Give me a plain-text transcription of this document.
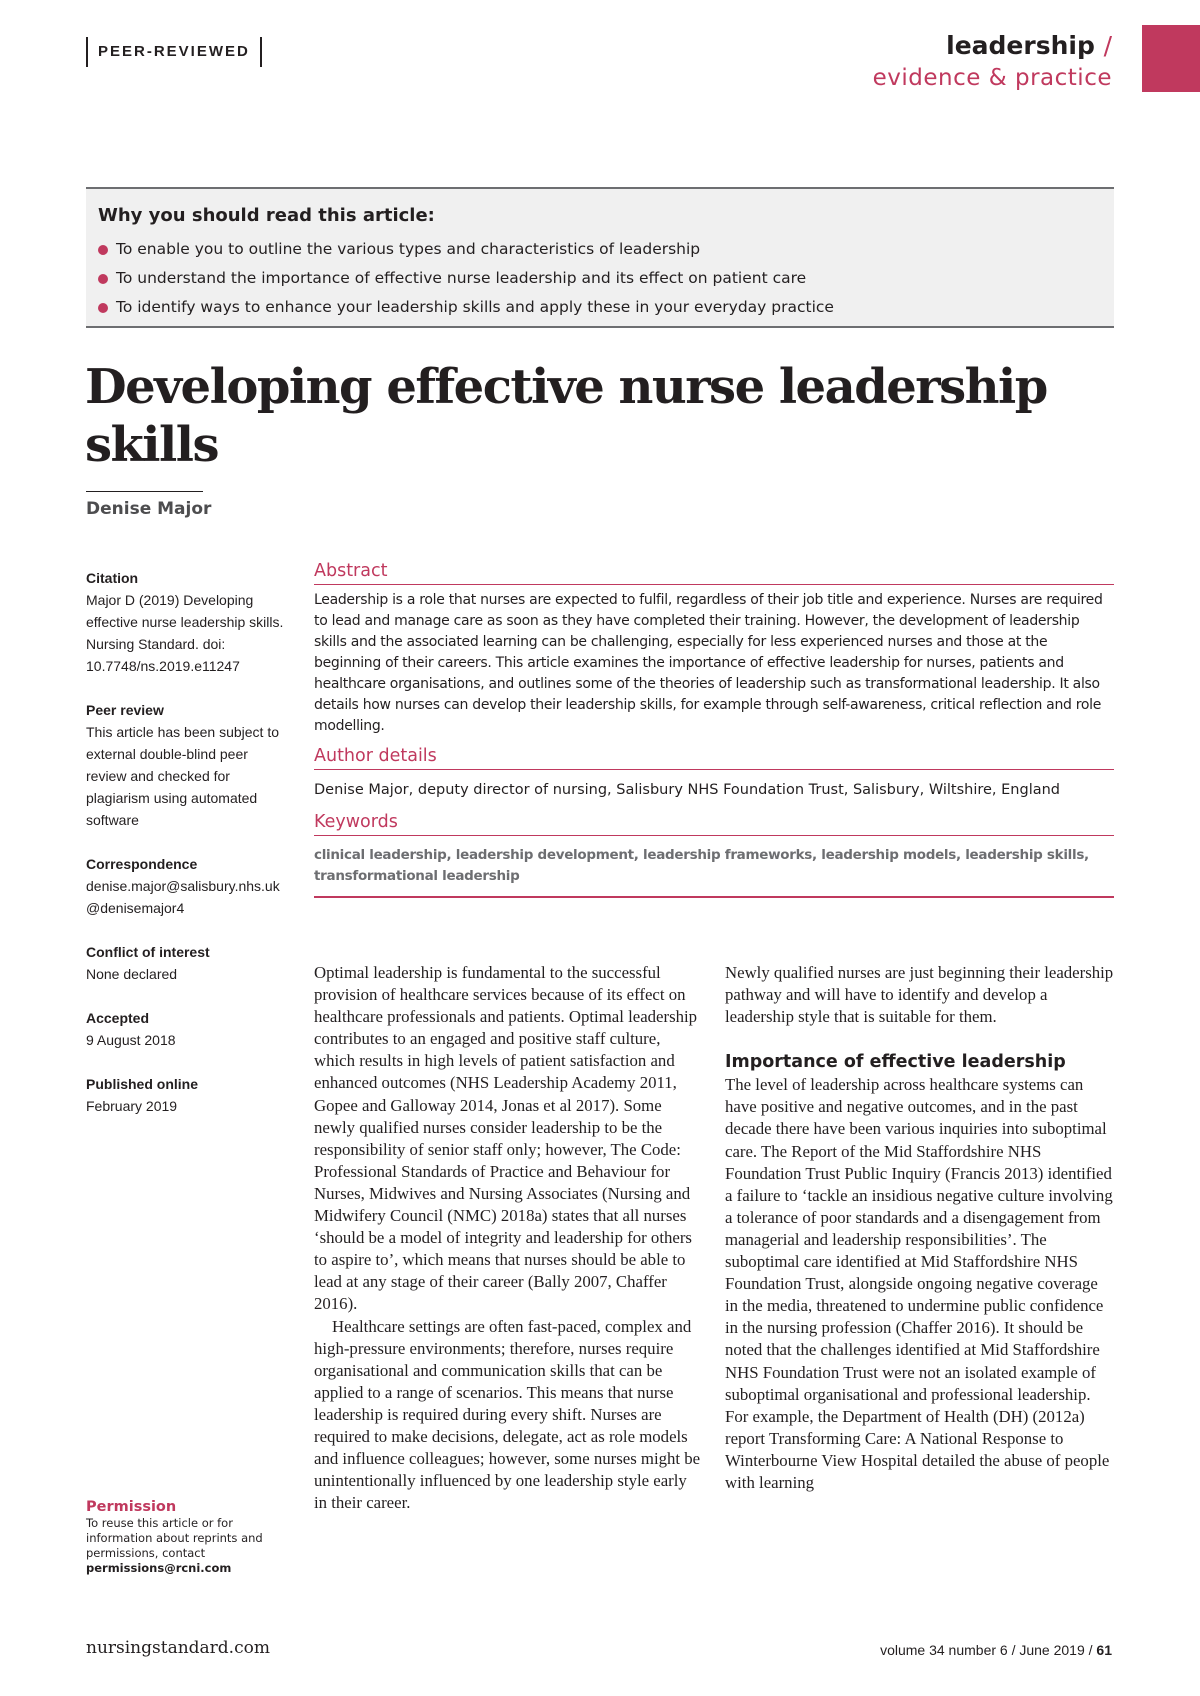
PEER-REVIEWED	leadership /
evidence & practice
Why you should read this article:
To enable you to outline the various types and characteristics of leadership
To understand the importance of effective nurse leadership and its effect on patient care
To identify ways to enhance your leadership skills and apply these in your everyday practice
Developing effective nurse leadership skills
Denise Major
Citation
Major D (2019) Developing effective nurse leadership skills. Nursing Standard. doi: 10.7748/ns.2019.e11247
Peer review
This article has been subject to external double-blind peer review and checked for plagiarism using automated software
Correspondence
denise.major@salisbury.nhs.uk
@denisemajor4
Conflict of interest
None declared
Accepted
9 August 2018
Published online
February 2019
Permission
To reuse this article or for information about reprints and permissions, contact
permissions@rcni.com
Abstract
Leadership is a role that nurses are expected to fulfil, regardless of their job title and experience. Nurses are required to lead and manage care as soon as they have completed their training. However, the development of leadership skills and the associated learning can be challenging, especially for less experienced nurses and those at the beginning of their careers. This article examines the importance of effective leadership for nurses, patients and healthcare organisations, and outlines some of the theories of leadership such as transformational leadership. It also details how nurses can develop their leadership skills, for example through self-awareness, critical reflection and role modelling.
Author details
Denise Major, deputy director of nursing, Salisbury NHS Foundation Trust, Salisbury, Wiltshire, England
Keywords
clinical leadership, leadership development, leadership frameworks, leadership models, leadership skills, transformational leadership

Optimal leadership is fundamental to the successful provision of healthcare services because of its effect on healthcare professionals and patients. Optimal leadership contributes to an engaged and positive staff culture, which results in high levels of patient satisfaction and enhanced outcomes (NHS Leadership Academy 2011, Gopee and Galloway 2014, Jonas et al 2017). Some newly qualified nurses consider leadership to be the responsibility of senior staff only; however, The Code: Professional Standards of Practice and Behaviour for Nurses, Midwives and Nursing Associates (Nursing and Midwifery Council (NMC) 2018a) states that all nurses ‘should be a model of integrity and leadership for others to aspire to’, which means that nurses should be able to lead at any stage of their career (Bally 2007, Chaffer 2016).

Healthcare settings are often fast-paced, complex and high-pressure environments; therefore, nurses require organisational and communication skills that can be applied to a range of scenarios. This means that nurse leadership is required during every shift. Nurses are required to make decisions, delegate, act as role models and influence colleagues; however, some nurses might be unintentionally influenced by one leadership style early in their career.

Newly qualified nurses are just beginning their leadership pathway and will have to identify and develop a leadership style that is suitable for them.

Importance of effective leadership

The level of leadership across healthcare systems can have positive and negative outcomes, and in the past decade there have been various inquiries into suboptimal care. The Report of the Mid Staffordshire NHS Foundation Trust Public Inquiry (Francis 2013) identified a failure to ‘tackle an insidious negative culture involving a tolerance of poor standards and a disengagement from managerial and leadership responsibilities’. The suboptimal care identified at Mid Staffordshire NHS Foundation Trust, alongside ongoing negative coverage in the media, threatened to undermine public confidence in the nursing profession (Chaffer 2016). It should be noted that the challenges identified at Mid Staffordshire NHS Foundation Trust were not an isolated example of suboptimal organisational and professional leadership. For example, the Department of Health (DH) (2012a) report Transforming Care: A National Response to Winterbourne View Hospital detailed the abuse of people with learning

nursingstandard.com	volume 34 number 6 / June 2019 / 61
